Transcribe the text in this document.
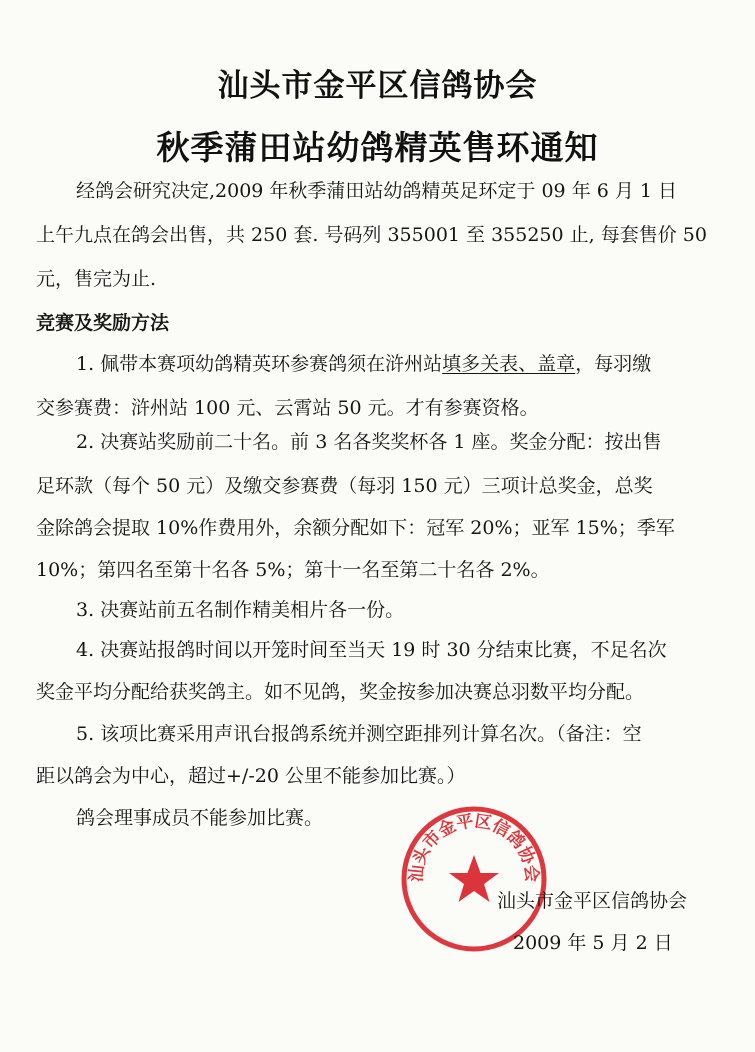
汕头市金平区信鸽协会
秋季蒲田站幼鸽精英售环通知
经鸽会研究决定,2009 年秋季蒲田站幼鸽精英足环定于 09 年 6 月 1 日
上午九点在鸽会出售，共 250 套. 号码列 355001 至 355250 止, 每套售价 50
元，售完为止.
竞赛及奖励方法
1. 佩带本赛项幼鸽精英环参赛鸽须在浒州站填多关表、盖章，每羽缴
交参赛费：浒州站 100 元、云霄站 50 元。才有参赛资格。
2. 决赛站奖励前二十名。前 3 名各奖奖杯各 1 座。奖金分配：按出售
足环款（每个 50 元）及缴交参赛费（每羽 150 元）三项计总奖金，总奖
金除鸽会提取 10%作费用外，余额分配如下：冠军 20%；亚军 15%；季军
10%；第四名至第十名各 5%；第十一名至第二十名各 2%。
3. 决赛站前五名制作精美相片各一份。
4. 决赛站报鸽时间以开笼时间至当天 19 时 30 分结束比赛，不足名次
奖金平均分配给获奖鸽主。如不见鸽，奖金按参加决赛总羽数平均分配。
5. 该项比赛采用声讯台报鸽系统并测空距排列计算名次。（备注：空
距以鸽会为中心，超过+/-20 公里不能参加比赛。）
鸽会理事成员不能参加比赛。
汕头市金平区信鸽协会
汕头市金平区信鸽协会
2009 年 5 月 2 日
